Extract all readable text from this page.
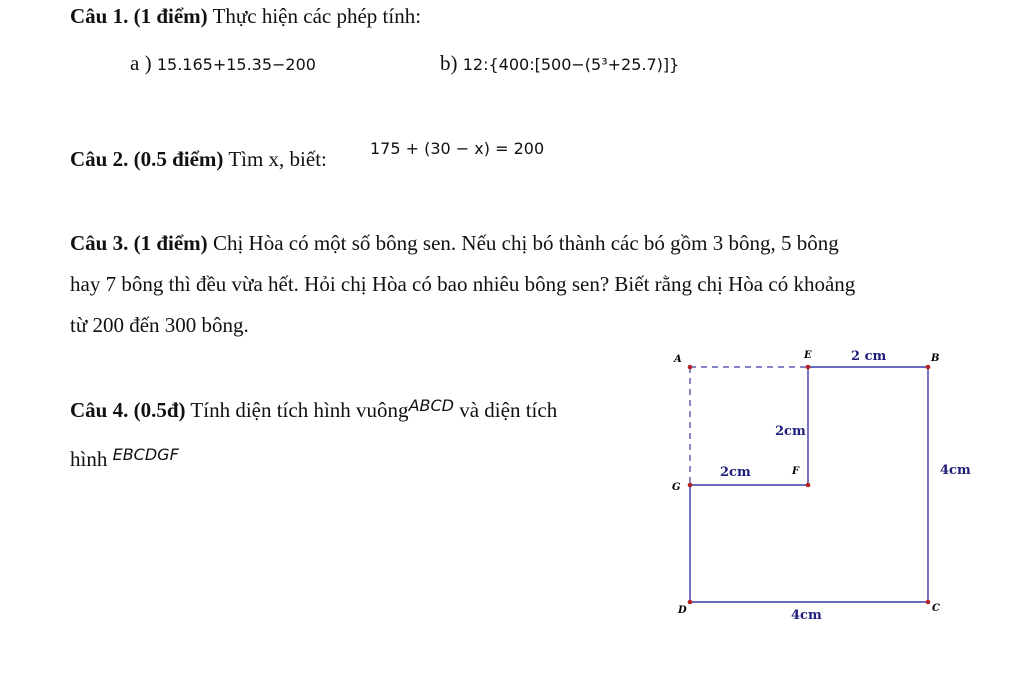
Câu 1. (1 điểm) Thực hiện các phép tính:
a ) 15.165+15.35−200	b) 12:{400:[500−(5³+25.7)]}
Câu 2. (0.5 điểm) Tìm x, biết:	175 + (30 − x) = 200
Câu 3. (1 điểm) Chị Hòa có một số bông sen. Nếu chị bó thành các bó gồm 3 bông, 5 bông
hay 7 bông thì đều vừa hết. Hỏi chị Hòa có bao nhiêu bông sen? Biết rằng chị Hòa có khoảng
từ 200 đến 300 bông.
Câu 4. (0.5đ) Tính diện tích hình vuông$^{ABCD}$ và diện tích
hình $^{EBCDGF}$
A	E	B
G
F
D	C
2 cm
2cm
2cm	4cm
4cm
